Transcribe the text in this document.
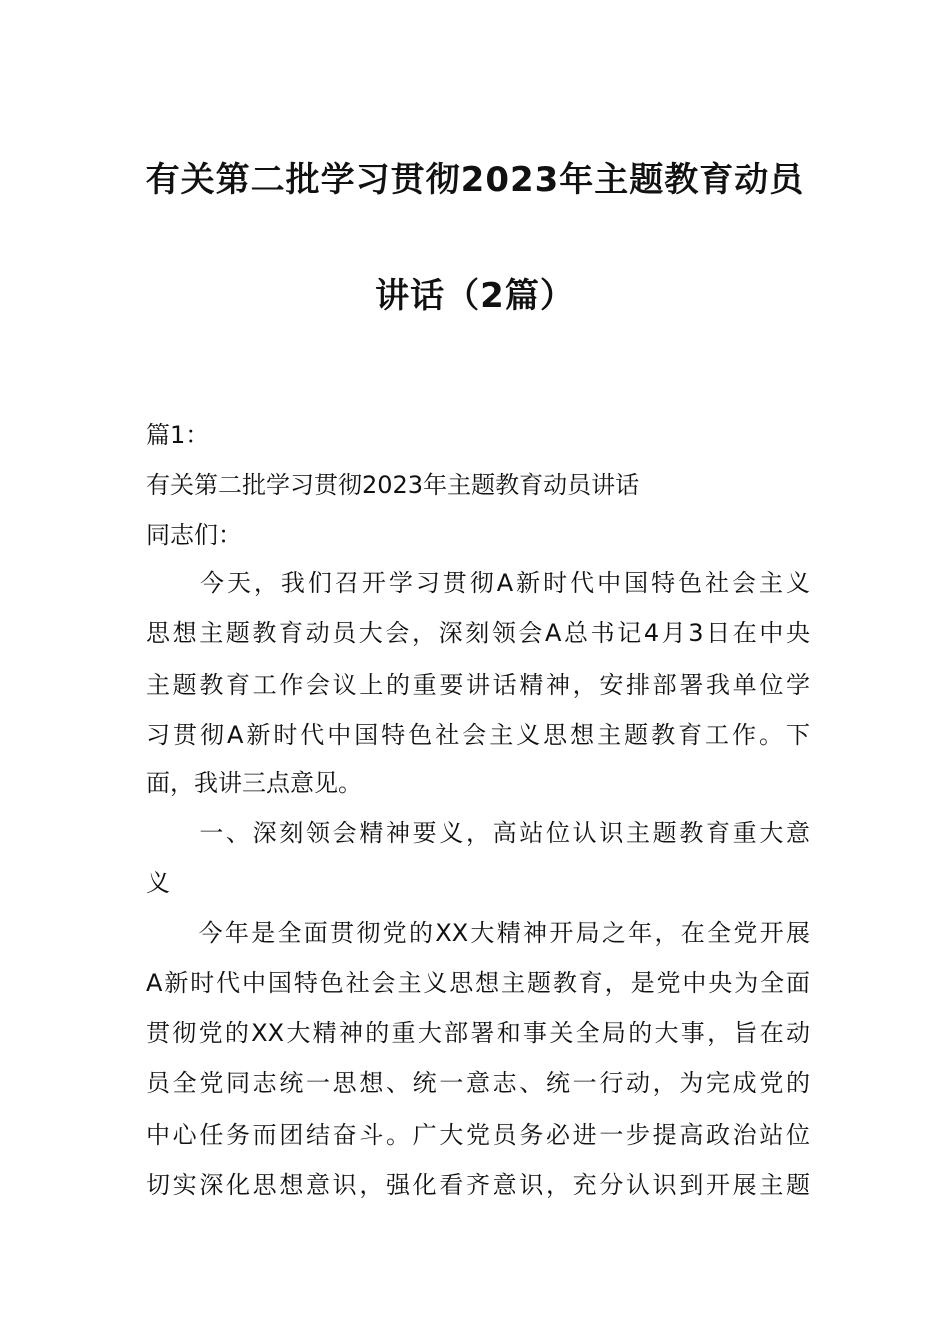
有关第二批学习贯彻2023年主题教育动员
讲话（2篇）
篇1：
有关第二批学习贯彻2023年主题教育动员讲话
同志们：
　　今天，我们召开学习贯彻A新时代中国特色社会主义
思想主题教育动员大会，深刻领会A总书记4月3日在中央
主题教育工作会议上的重要讲话精神，安排部署我单位学
习贯彻A新时代中国特色社会主义思想主题教育工作。下
面，我讲三点意见。
　　一、深刻领会精神要义，高站位认识主题教育重大意
义
　　今年是全面贯彻党的XX大精神开局之年，在全党开展
A新时代中国特色社会主义思想主题教育，是党中央为全面
贯彻党的XX大精神的重大部署和事关全局的大事，旨在动
员全党同志统一思想、统一意志、统一行动，为完成党的
中心任务而团结奋斗。广大党员务必进一步提高政治站位
切实深化思想意识，强化看齐意识，充分认识到开展主题
